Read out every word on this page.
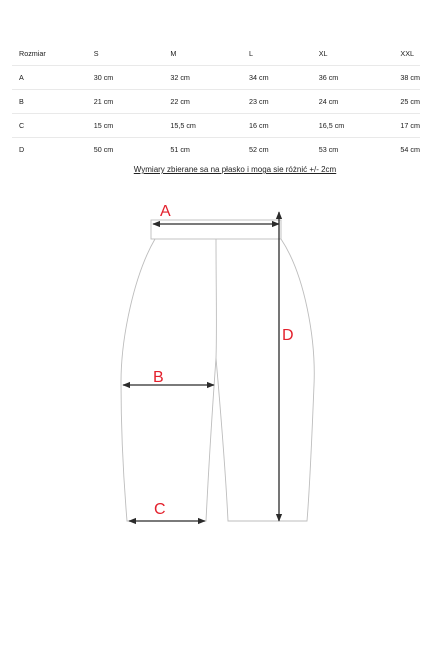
Rozmiar	S	M	L	XL	XXL
A	30 cm	32 cm	34 cm	36 cm	38 cm
B	21 cm	22 cm	23 cm	24 cm	25 cm
C	15 cm	15,5 cm	16 cm	16,5 cm	17 cm
D	50 cm	51 cm	52 cm	53 cm	54 cm
Wymiary zbierane sa na płasko i moga sie różnić +/- 2cm
A
B
C
D
